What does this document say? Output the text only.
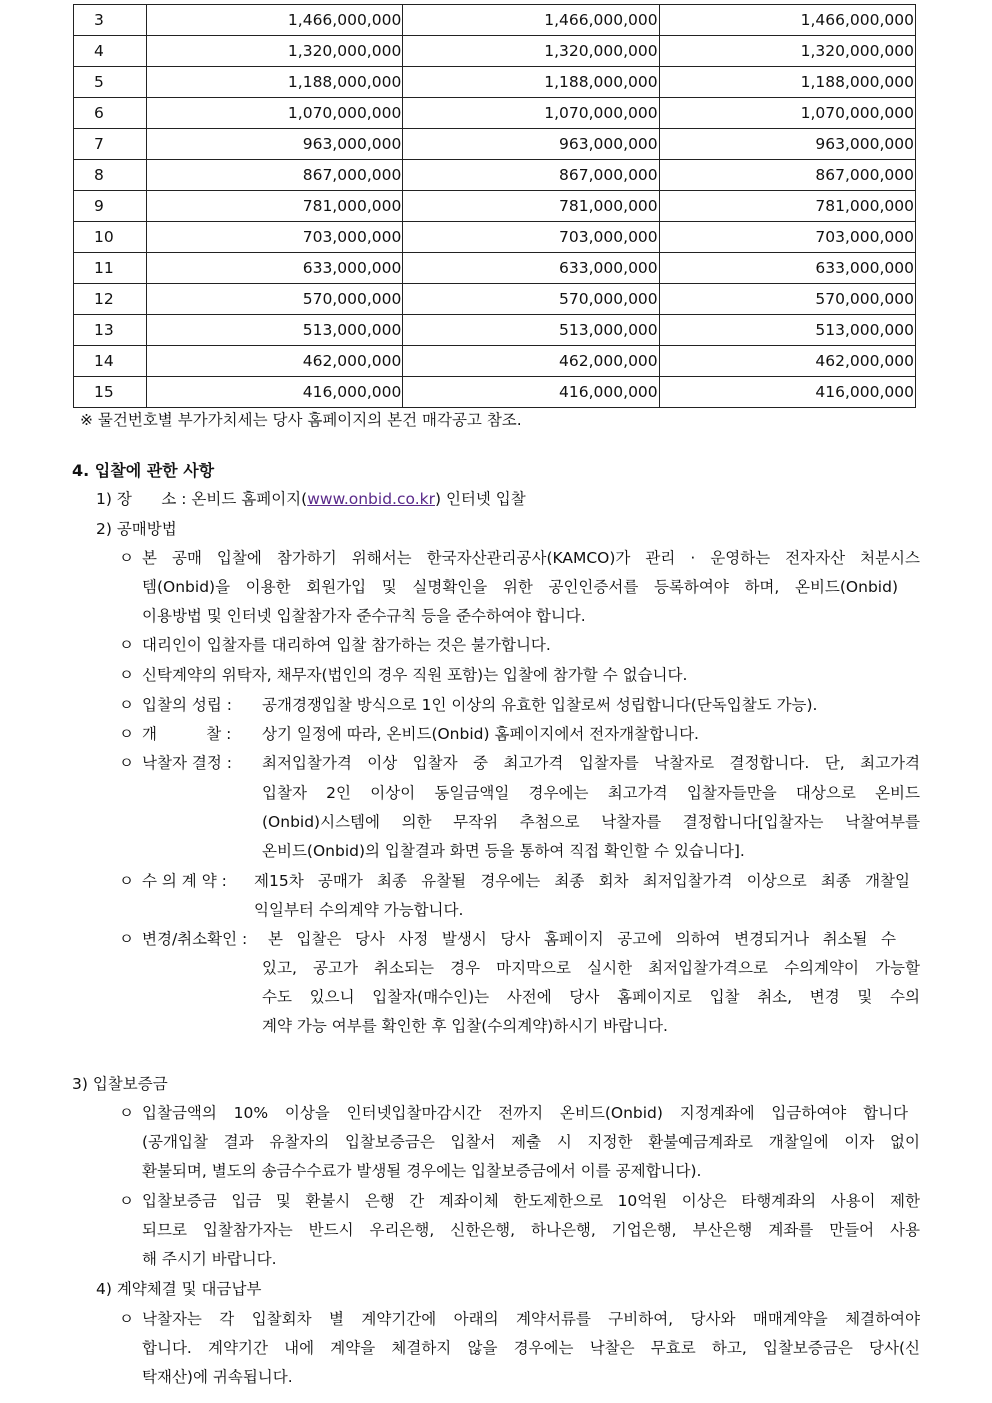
3	1,466,000,000	1,466,000,000	1,466,000,000
4	1,320,000,000	1,320,000,000	1,320,000,000
5	1,188,000,000	1,188,000,000	1,188,000,000
6	1,070,000,000	1,070,000,000	1,070,000,000
7	963,000,000	963,000,000	963,000,000
8	867,000,000	867,000,000	867,000,000
9	781,000,000	781,000,000	781,000,000
10	703,000,000	703,000,000	703,000,000
11	633,000,000	633,000,000	633,000,000
12	570,000,000	570,000,000	570,000,000
13	513,000,000	513,000,000	513,000,000
14	462,000,000	462,000,000	462,000,000
15	416,000,000	416,000,000	416,000,000
※ 물건번호별 부가가치세는 당사 홈페이지의 본건 매각공고 참조.
4. 입찰에 관한 사항
1) 장      소 : 온비드 홈페이지(www.onbid.co.kr) 인터넷 입찰
2) 공매방법
ㅇ 본 공매 입찰에 참가하기 위해서는 한국자산관리공사(KAMCO)가 관리 · 운영하는 전자자산 처분시스
템(Onbid)을 이용한 회원가입 및 실명확인을 위한 공인인증서를 등록하여야 하며, 온비드(Onbid)
이용방법 및 인터넷 입찰참가자 준수규칙 등을 준수하여야 합니다.
ㅇ 대리인이 입찰자를 대리하여 입찰 참가하는 것은 불가합니다.
ㅇ 신탁계약의 위탁자, 채무자(법인의 경우 직원 포함)는 입찰에 참가할 수 없습니다.
ㅇ 입찰의 성립 : 공개경쟁입찰 방식으로 1인 이상의 유효한 입찰로써 성립합니다(단독입찰도 가능).
ㅇ 개          찰 : 상기 일정에 따라, 온비드(Onbid) 홈페이지에서 전자개찰합니다.
ㅇ 낙찰자 결정 : 최저입찰가격 이상 입찰자 중 최고가격 입찰자를 낙찰자로 결정합니다. 단, 최고가격
입찰자 2인 이상이 동일금액일 경우에는 최고가격 입찰자들만을 대상으로 온비드
(Onbid)시스템에 의한 무작위 추첨으로 낙찰자를 결정합니다[입찰자는 낙찰여부를
온비드(Onbid)의 입찰결과 화면 등을 통하여 직접 확인할 수 있습니다].
ㅇ 수 의 계 약 : 제15차 공매가 최종 유찰될 경우에는 최종 회차 최저입찰가격 이상으로 최종 개찰일
익일부터 수의계약 가능합니다.
ㅇ 변경/취소확인 : 본 입찰은 당사 사정 발생시 당사 홈페이지 공고에 의하여 변경되거나 취소될 수
있고, 공고가 취소되는 경우 마지막으로 실시한 최저입찰가격으로 수의계약이 가능할
수도 있으니 입찰자(매수인)는 사전에 당사 홈페이지로 입찰 취소, 변경 및 수의
계약 가능 여부를 확인한 후 입찰(수의계약)하시기 바랍니다.
3) 입찰보증금
ㅇ 입찰금액의 10% 이상을 인터넷입찰마감시간 전까지 온비드(Onbid) 지정계좌에 입금하여야 합니다
(공개입찰 결과 유찰자의 입찰보증금은 입찰서 제출 시 지정한 환불예금계좌로 개찰일에 이자 없이
환불되며, 별도의 송금수수료가 발생될 경우에는 입찰보증금에서 이를 공제합니다).
ㅇ 입찰보증금 입금 및 환불시 은행 간 계좌이체 한도제한으로 10억원 이상은 타행계좌의 사용이 제한
되므로 입찰참가자는 반드시 우리은행, 신한은행, 하나은행, 기업은행, 부산은행 계좌를 만들어 사용
해 주시기 바랍니다.
4) 계약체결 및 대금납부
ㅇ 낙찰자는 각 입찰회차 별 계약기간에 아래의 계약서류를 구비하여, 당사와 매매계약을 체결하여야
합니다. 계약기간 내에 계약을 체결하지 않을 경우에는 낙찰은 무효로 하고, 입찰보증금은 당사(신
탁재산)에 귀속됩니다.
